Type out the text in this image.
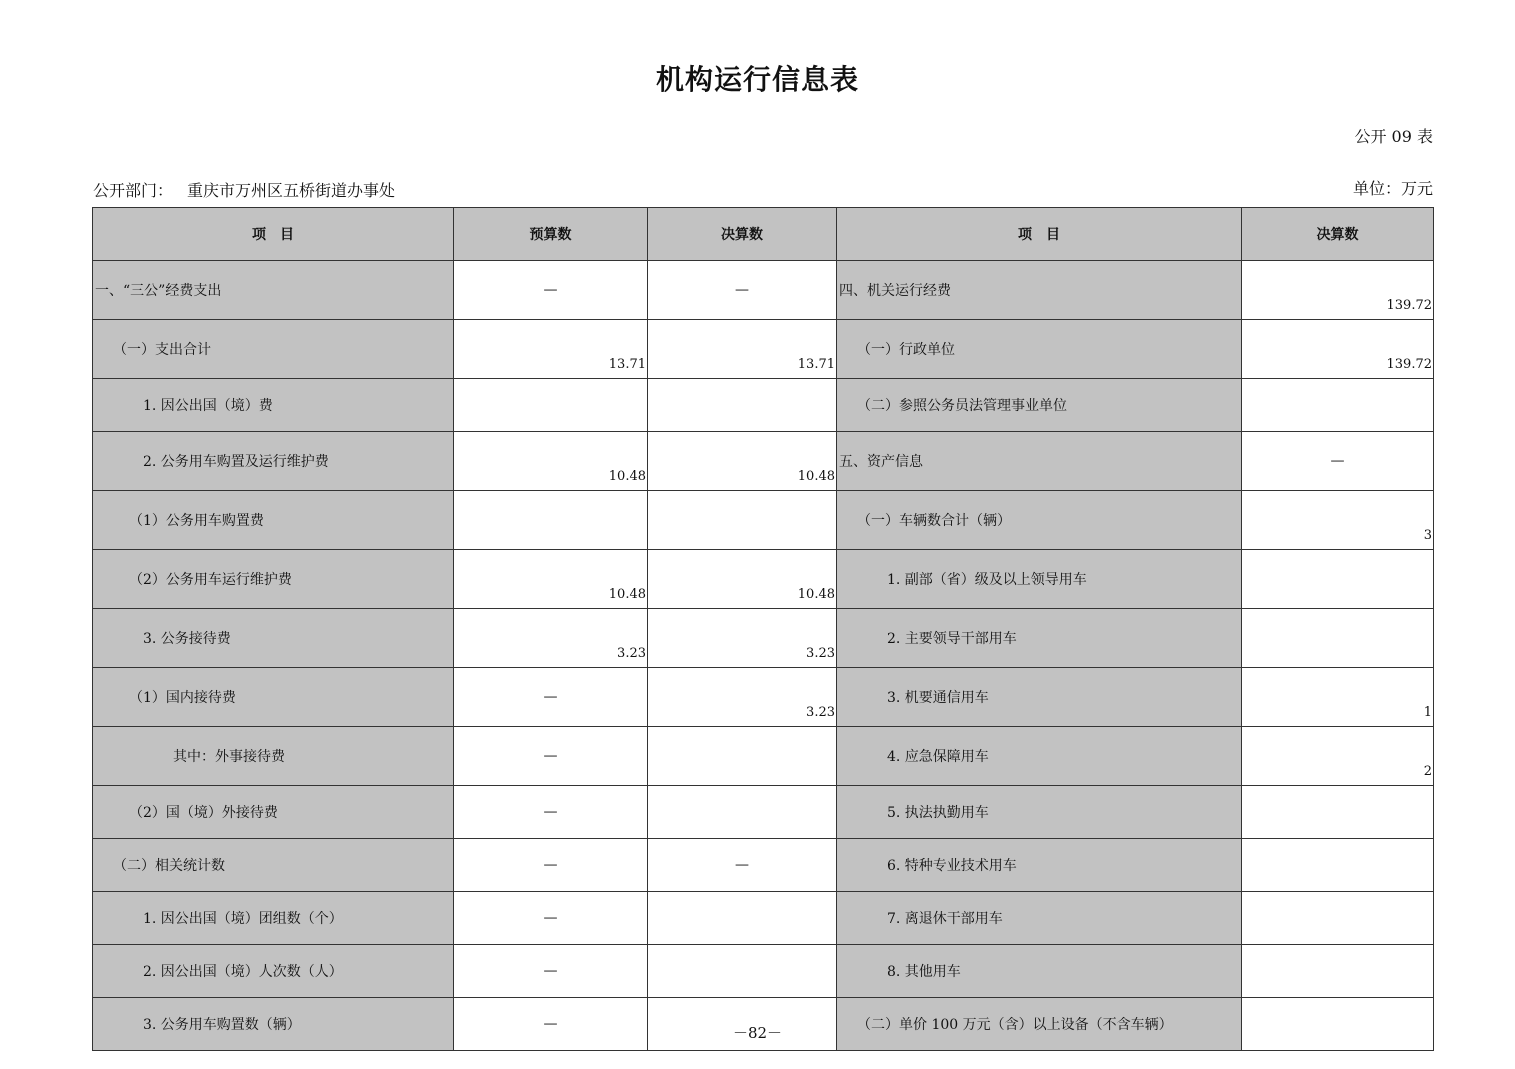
机构运行信息表
公开 09 表
公开部门： 重庆市万州区五桥街道办事处	单位：万元
项　目	预算数	决算数	项　目	决算数
一、“三公”经费支出	—	—	四、机关运行经费	139.72
（一）支出合计	13.71	13.71	（一）行政单位	139.72
1. 因公出国（境）费			（二）参照公务员法管理事业单位	
2. 公务用车购置及运行维护费	10.48	10.48	五、资产信息	—
（1）公务用车购置费			（一）车辆数合计（辆）	3
（2）公务用车运行维护费	10.48	10.48	1. 副部（省）级及以上领导用车	
3. 公务接待费	3.23	3.23	2. 主要领导干部用车	
（1）国内接待费	—	3.23	3. 机要通信用车	1
其中：外事接待费	—		4. 应急保障用车	2
（2）国（境）外接待费	—		5. 执法执勤用车	
（二）相关统计数	—	—	6. 特种专业技术用车	
1. 因公出国（境）团组数（个）	—		7. 离退休干部用车	
2. 因公出国（境）人次数（人）	—		8. 其他用车	
3. 公务用车购置数（辆）	—		（二）单价 100 万元（含）以上设备（不含车辆）	
－82－
